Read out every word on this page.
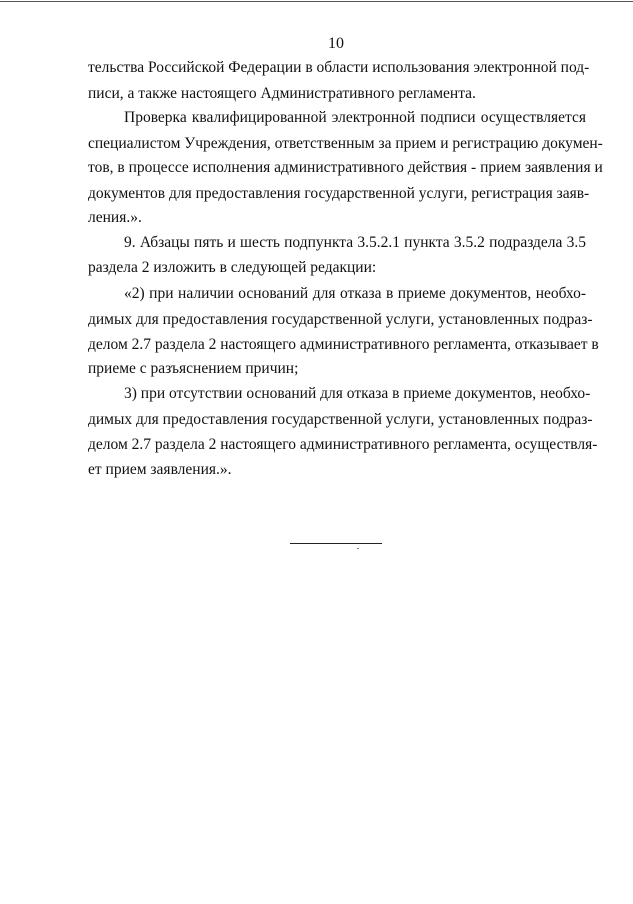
10
тельства Российской Федерации в области использования электронной под-
писи, а также настоящего Административного регламента.
Проверка квалифицированной электронной подписи осуществляется
специалистом Учреждения, ответственным за прием и регистрацию докумен-
тов, в процессе исполнения административного действия - прием заявления и
документов для предоставления государственной услуги, регистрация заяв-
ления.».
9. Абзацы пять и шесть подпункта 3.5.2.1 пункта 3.5.2 подраздела 3.5
раздела 2 изложить в следующей редакции:
«2) при наличии оснований для отказа в приеме документов, необхо-
димых для предоставления государственной услуги, установленных подраз-
делом 2.7 раздела 2 настоящего административного регламента, отказывает в
приеме с разъяснением причин;
3) при отсутствии оснований для отказа в приеме документов, необхо-
димых для предоставления государственной услуги, установленных подраз-
делом 2.7 раздела 2 настоящего административного регламента, осуществля-
ет прием заявления.».
